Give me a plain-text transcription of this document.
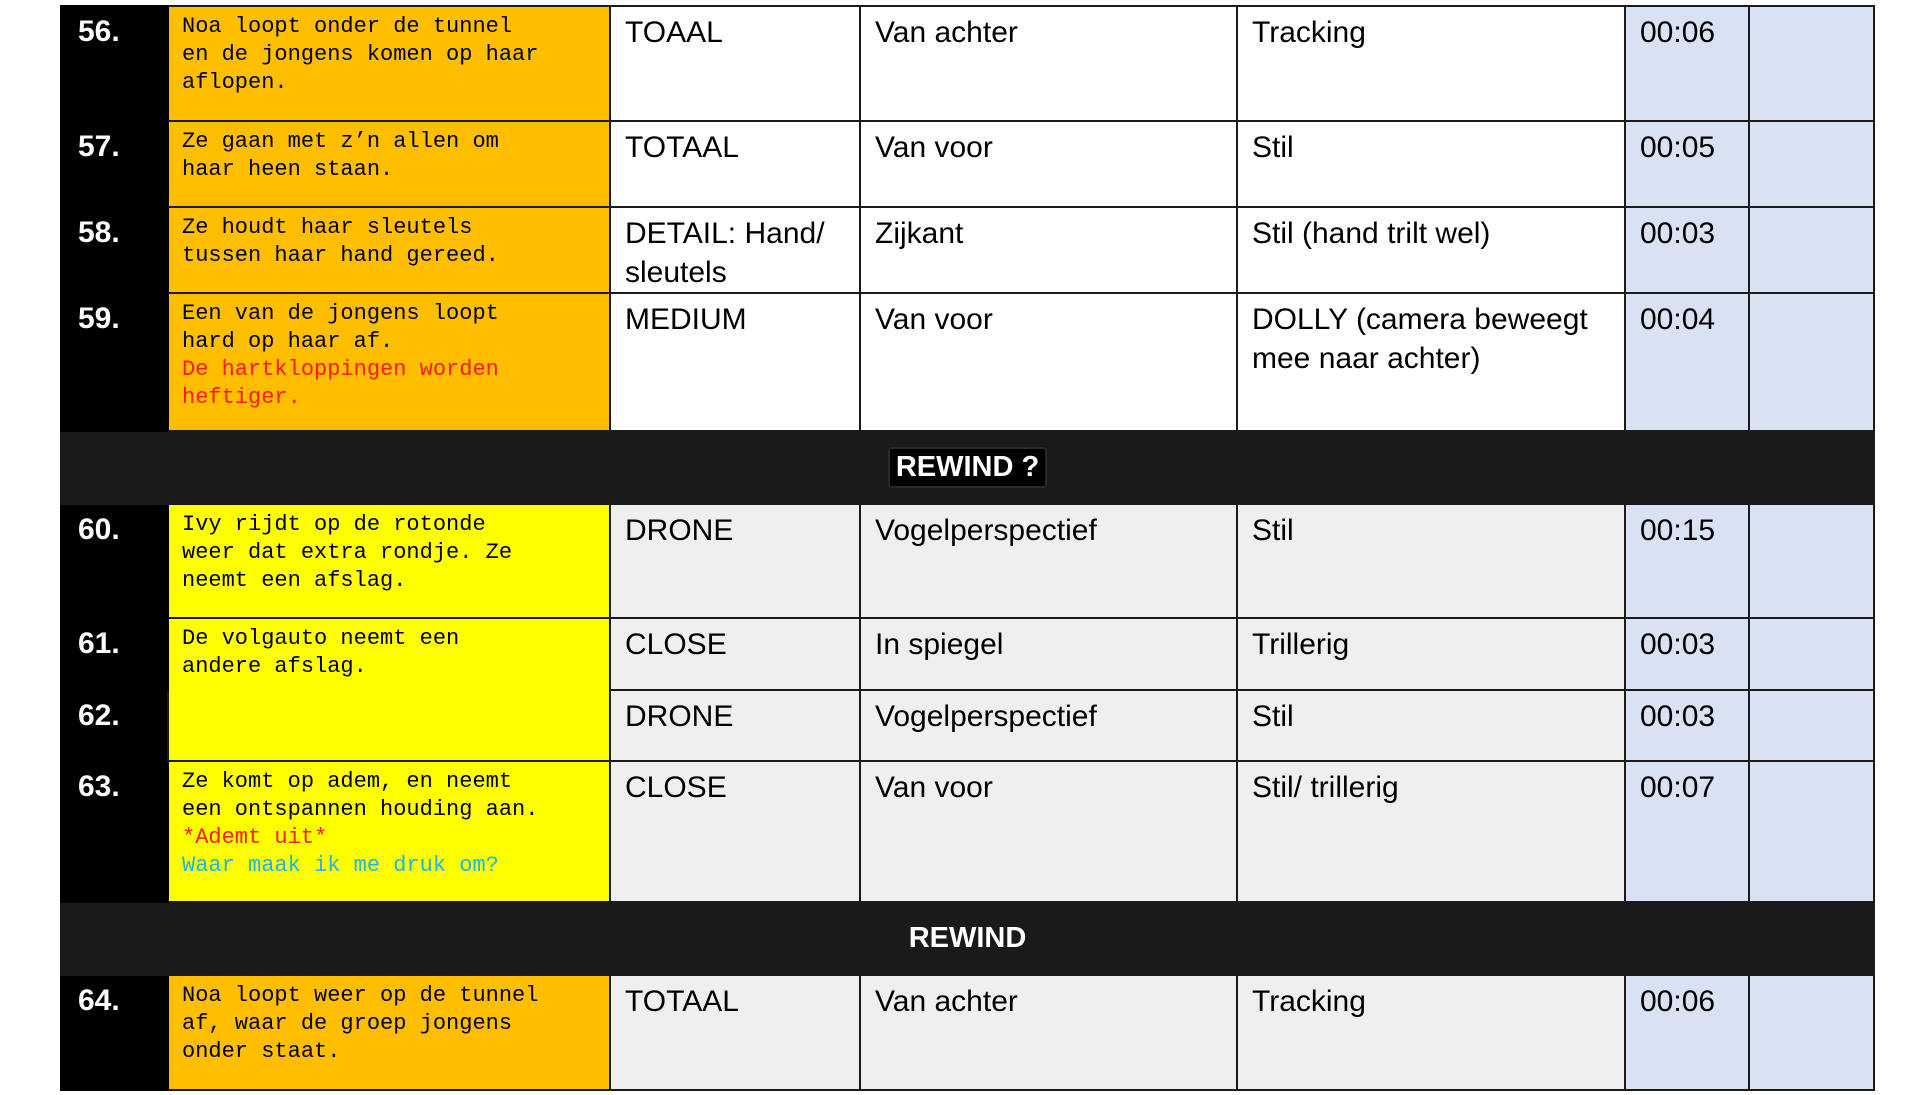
56.	Noa loopt onder de tunnel
en de jongens komen op haar
aflopen.	TOAAL	Van achter	Tracking	00:06	
57.	Ze gaan met z’n allen om
haar heen staan.	TOTAAL	Van voor	Stil	00:05	
58.	Ze houdt haar sleutels
tussen haar hand gereed.	DETAIL: Hand/ sleutels	Zijkant	Stil (hand trilt wel)	00:03	
59.	Een van de jongens loopt
hard op haar af.
De hartkloppingen worden
heftiger.	MEDIUM	Van voor	DOLLY (camera beweegt mee naar achter)	00:04	
REWIND ?						
60.	Ivy rijdt op de rotonde
weer dat extra rondje. Ze
neemt een afslag.	DRONE	Vogelperspectief	Stil	00:15	
61.	De volgauto neemt een
andere afslag.	CLOSE	In spiegel	Trillerig	00:03	
62.		DRONE	Vogelperspectief	Stil	00:03	
63.	Ze komt op adem, en neemt
een ontspannen houding aan.
*Ademt uit*
Waar maak ik me druk om?	CLOSE	Van voor	Stil/ trillerig	00:07	
REWIND						
64.	Noa loopt weer op de tunnel
af, waar de groep jongens
onder staat.	TOTAAL	Van achter	Tracking	00:06	
